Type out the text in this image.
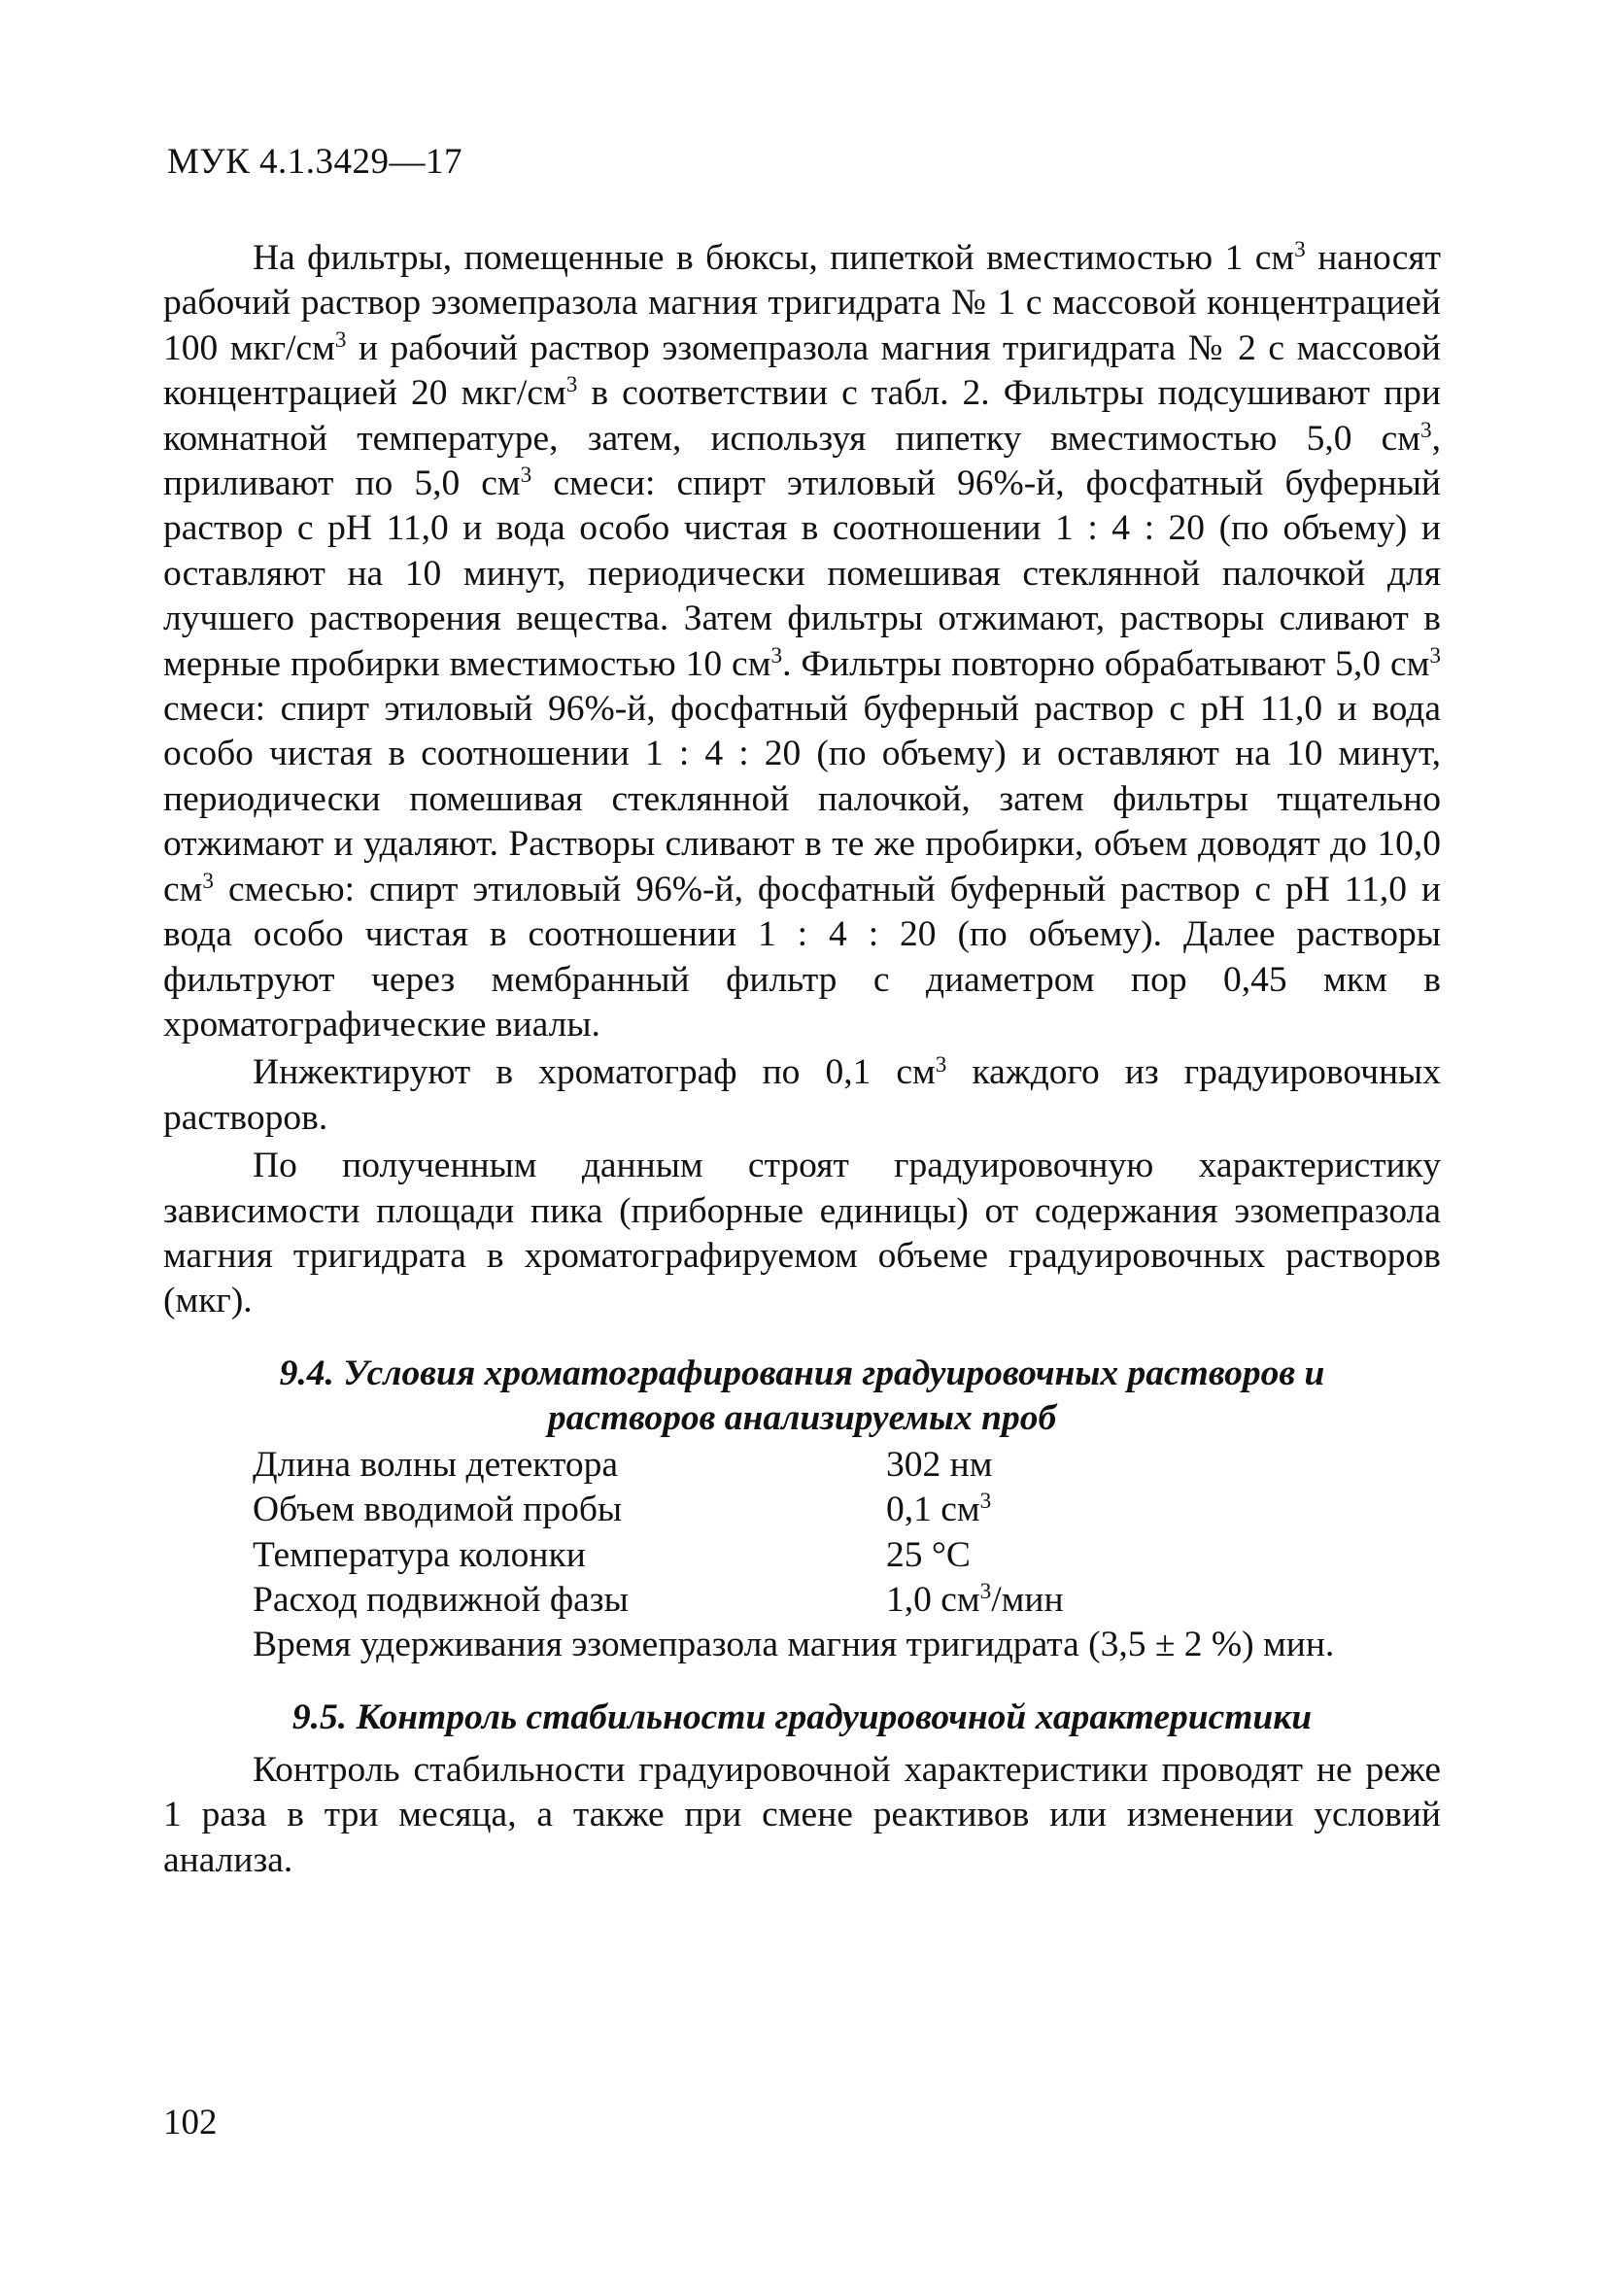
МУК 4.1.3429—17

На фильтры, помещенные в бюксы, пипеткой вместимостью 1 $см^3$ наносят рабочий раствор эзомепразола магния тригидрата № 1 с массовой концентрацией 100 мкг/$см^3$ и рабочий раствор эзомепразола магния тригидрата № 2 с массовой концентрацией 20 мкг/$см^3$ в соответствии с табл. 2. Фильтры подсушивают при комнатной температуре, затем, используя пипетку вместимостью 5,0 $см^3$, приливают по 5,0 $см^3$ смеси: спирт этиловый 96%-й, фосфатный буферный раствор с рН 11,0 и вода особо чистая в соотношении 1 : 4 : 20 (по объему) и оставляют на 10 минут, периодически помешивая стеклянной палочкой для лучшего растворения вещества. Затем фильтры отжимают, растворы сливают в мерные пробирки вместимостью 10 $см^3$. Фильтры повторно обрабатывают 5,0 $см^3$ смеси: спирт этиловый 96%-й, фосфатный буферный раствор с рН 11,0 и вода особо чистая в соотношении 1 : 4 : 20 (по объему) и оставляют на 10 минут, периодически помешивая стеклянной палочкой, затем фильтры тщательно отжимают и удаляют. Растворы сливают в те же пробирки, объем доводят до 10,0 $см^3$ смесью: спирт этиловый 96%-й, фосфатный буферный раствор с рН 11,0 и вода особо чистая в соотношении 1 : 4 : 20 (по объему). Далее растворы фильтруют через мембранный фильтр с диаметром пор 0,45 мкм в хроматографические виалы.

Инжектируют в хроматограф по 0,1 $см^3$ каждого из градуировочных растворов.

По полученным данным строят градуировочную характеристику зависимости площади пика (приборные единицы) от содержания эзомепразола магния тригидрата в хроматографируемом объеме градуировочных растворов (мкг).

9.4. Условия хроматографирования градуировочных растворов и
растворов анализируемых проб

Длина волны детектора	302 нм
Объем вводимой пробы	0,1 $см^3$
Температура колонки	25 °С
Расход подвижной фазы	1,0 $см^3$/мин
Время удерживания эзомепразола магния тригидрата (3,5 ± 2 %) мин.

9.5. Контроль стабильности градуировочной характеристики

Контроль стабильности градуировочной характеристики проводят не реже 1 раза в три месяца, а также при смене реактивов или изменении условий анализа.

102
